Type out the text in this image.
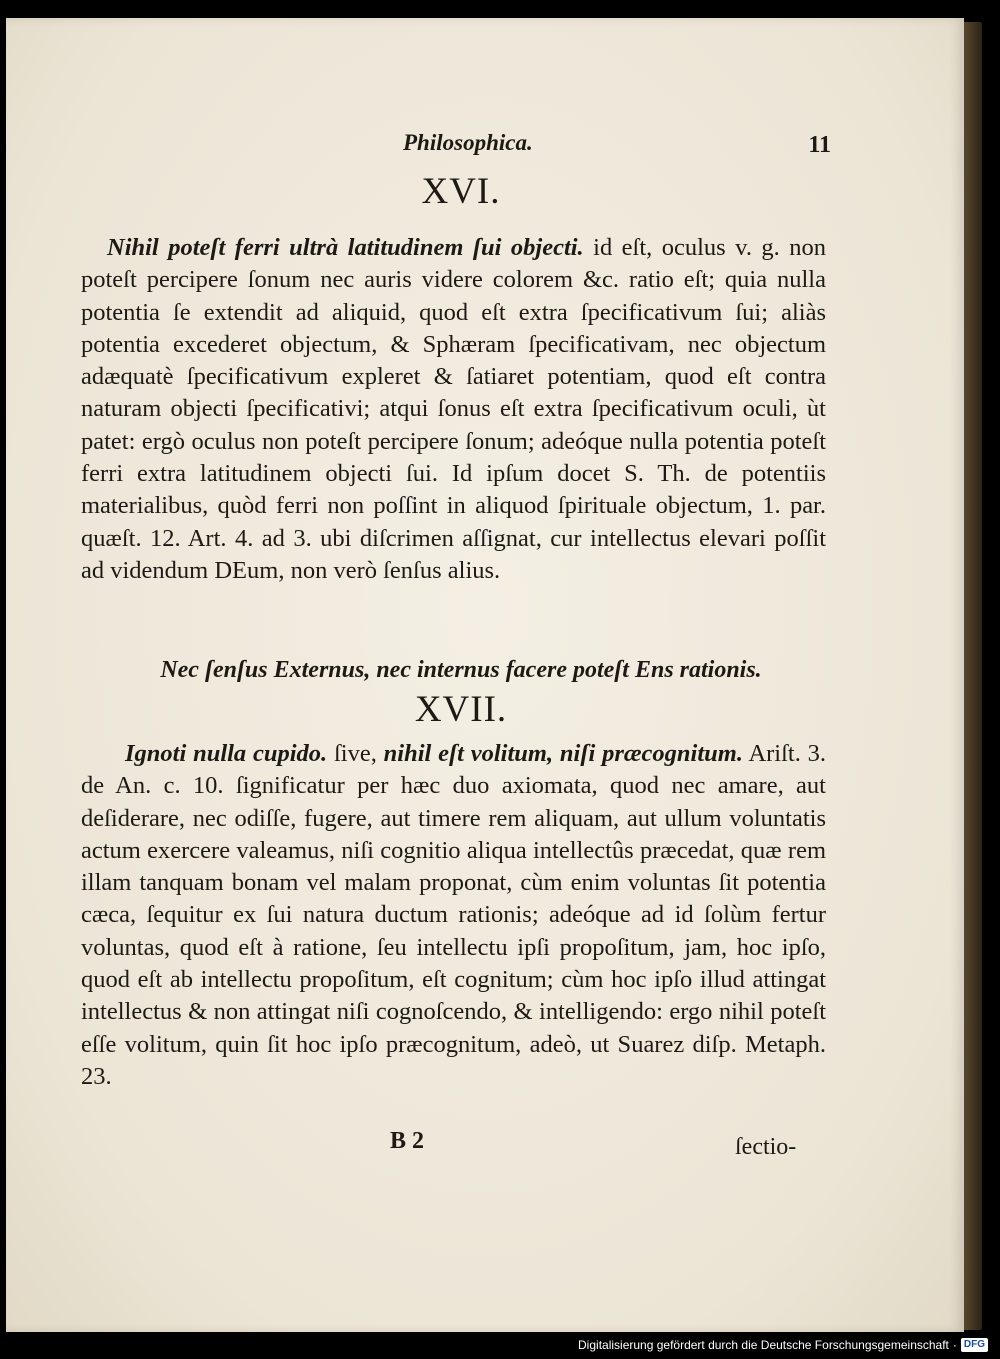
Philosophica.	11
XVI.

Nihil poteſt ferri ultrà latitudinem ſui objecti. id eſt, oculus v. g. non poteſt percipere ſonum nec auris videre colorem &c. ratio eſt; quia nulla potentia ſe extendit ad aliquid, quod eſt extra ſpecificativum ſui; aliàs potentia excederet objectum, & Sphæram ſpecificativam, nec objectum adæquatè ſpecificativum expleret & ſatiaret potentiam, quod eſt contra naturam objecti ſpecificativi; atqui ſonus eſt extra ſpecificativum oculi, ùt patet: ergò oculus non poteſt percipere ſonum; adeóque nulla potentia poteſt ferri extra latitudinem objecti ſui. Id ipſum docet S. Th. de potentiis materialibus, quòd ferri non poſſint in aliquod ſpirituale objectum, 1. par. quæſt. 12. Art. 4. ad 3. ubi diſcrimen aſſignat, cur intellectus elevari poſſit ad videndum DEum, non verò ſenſus alius.

Nec ſenſus Externus, nec internus facere poteſt Ens rationis.
XVII.

Ignoti nulla cupido. ſive, nihil eſt volitum, niſi præcognitum. Ariſt. 3. de An. c. 10. ſignificatur per hæc duo axiomata, quod nec amare, aut deſiderare, nec odiſſe, fugere, aut timere rem aliquam, aut ullum voluntatis actum exercere valeamus, niſi cognitio aliqua intellectûs præcedat, quæ rem illam tanquam bonam vel malam proponat, cùm enim voluntas ſit potentia cæca, ſequitur ex ſui natura ductum rationis; adeóque ad id ſolùm fertur voluntas, quod eſt à ratione, ſeu intellectu ipſi propoſitum, jam, hoc ipſo, quod eſt ab intellectu propoſitum, eſt cognitum; cùm hoc ipſo illud attingat intellectus & non attingat niſi cognoſcendo, & intelligendo: ergo nihil poteſt eſſe volitum, quin ſit hoc ipſo præcognitum, adeò, ut Suarez diſp. Metaph. 23.

B 2	ſectio-
Digitalisierung gefördert durch die Deutsche Forschungsgemeinschaft · DFG
